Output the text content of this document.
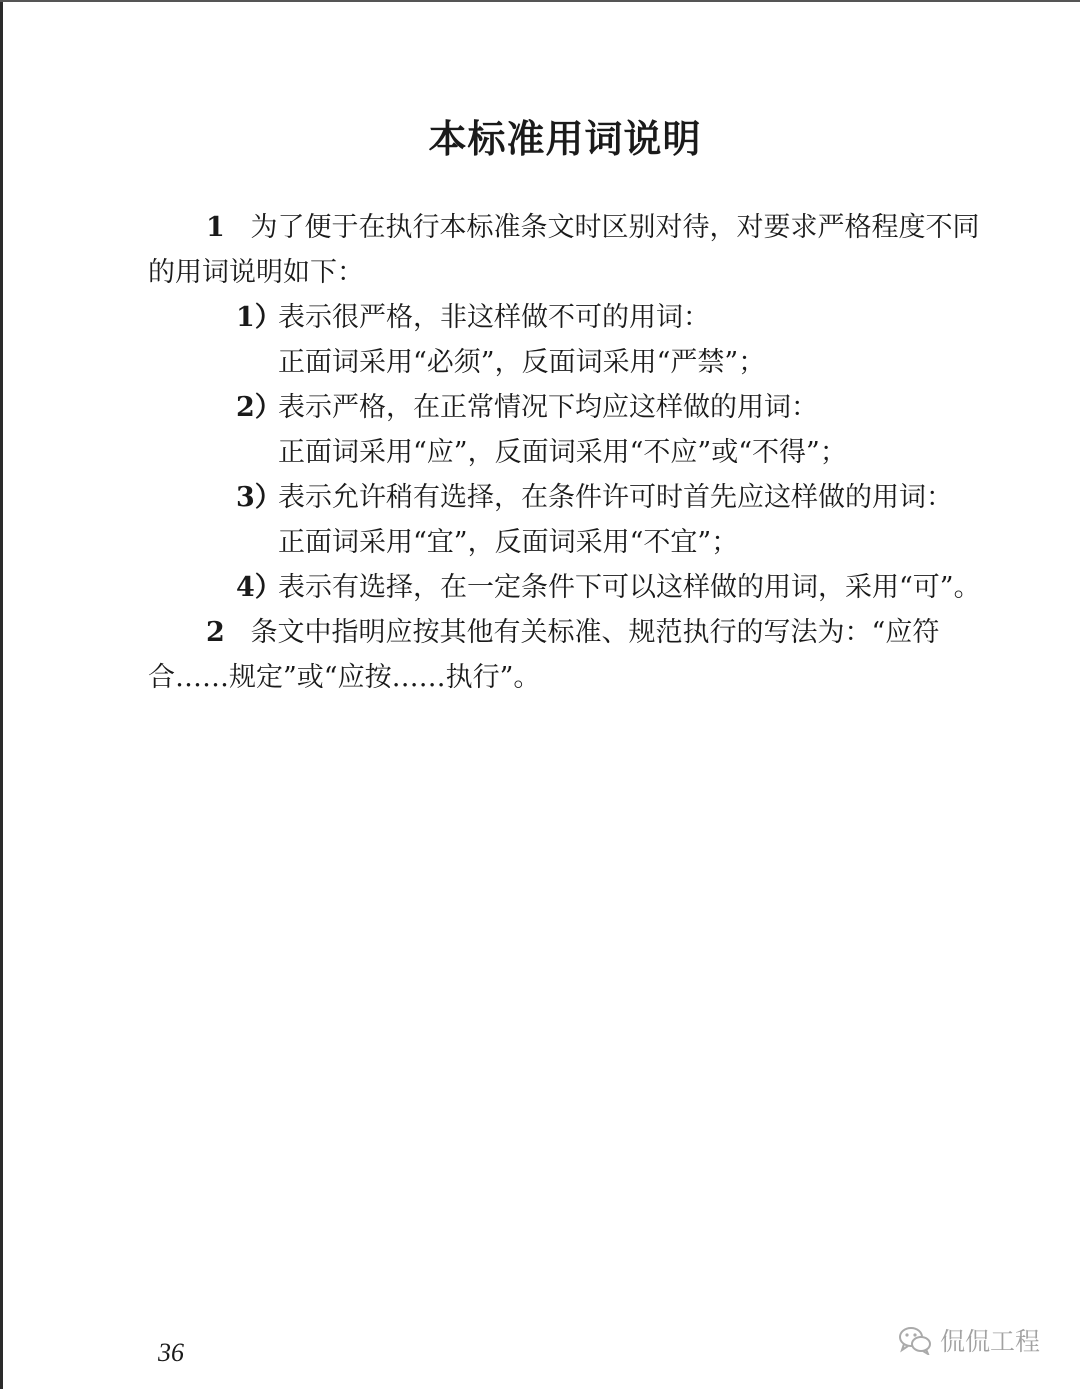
本标准用词说明

1 为了便于在执行本标准条文时区别对待，对要求严格程度不同的用词说明如下：

1）
表示很严格，非这样做不可的用词：
正面词采用“必须”，反面词采用“严禁”；
2）
表示严格，在正常情况下均应这样做的用词：
正面词采用“应”，反面词采用“不应”或“不得”；
3）
表示允许稍有选择，在条件许可时首先应这样做的用词：
正面词采用“宜”，反面词采用“不宜”；
4）
表示有选择，在一定条件下可以这样做的用词，采用“可”。

2 条文中指明应按其他有关标准、规范执行的写法为：“应符合……规定”或“应按……执行”。

36	侃侃工程
